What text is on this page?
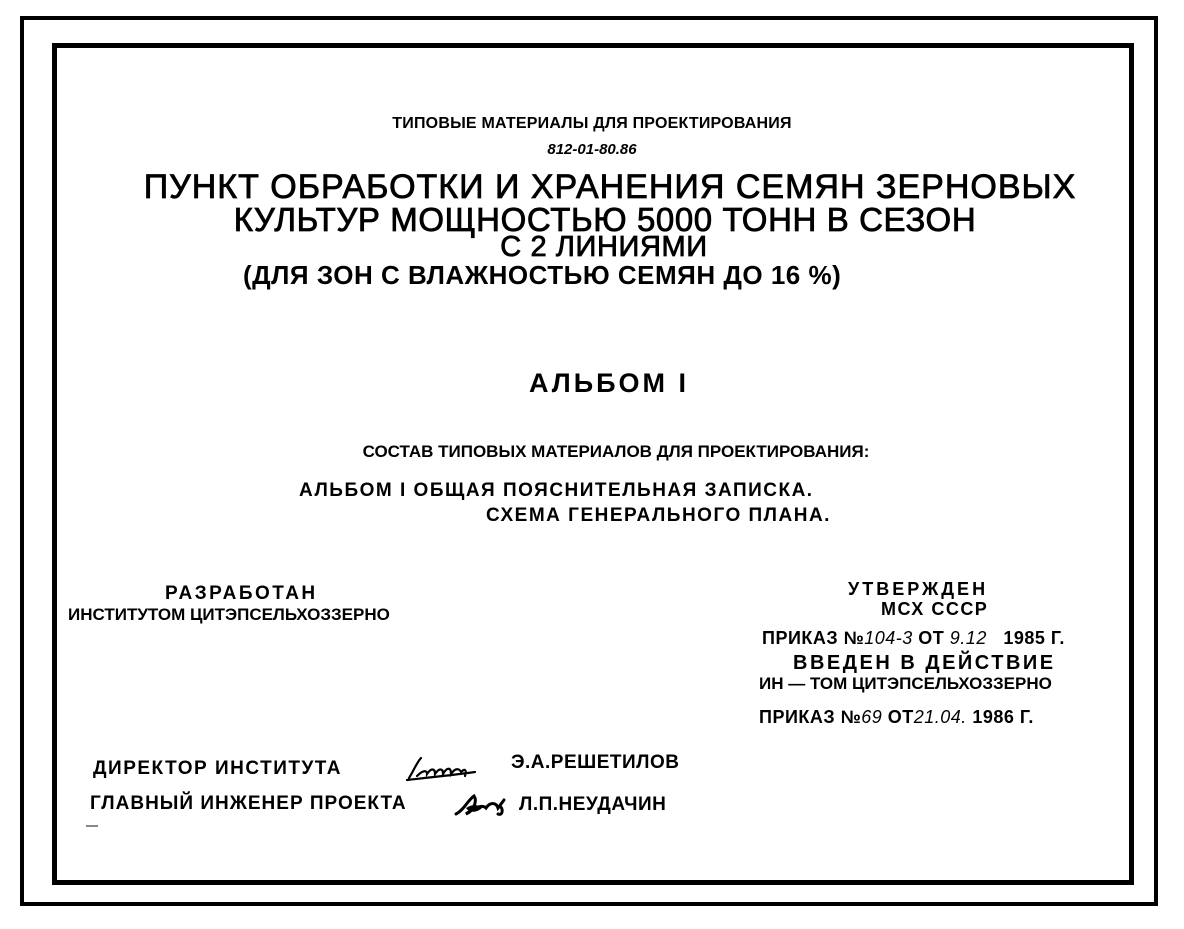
ТИПОВЫЕ МАТЕРИАЛЫ ДЛЯ ПРОЕКТИРОВАНИЯ
812-01-80.86
ПУНКТ ОБРАБОТКИ И ХРАНЕНИЯ СЕМЯН ЗЕРНОВЫХ
КУЛЬТУР МОЩНОСТЬЮ 5000 ТОНН В СЕЗОН
С 2 ЛИНИЯМИ
(ДЛЯ ЗОН С ВЛАЖНОСТЬЮ СЕМЯН ДО 16 %)
АЛЬБОМ I
СОСТАВ ТИПОВЫХ МАТЕРИАЛОВ ДЛЯ ПРОЕКТИРОВАНИЯ:
АЛЬБОМ I ОБЩАЯ ПОЯСНИТЕЛЬНАЯ ЗАПИСКА.
СХЕМА ГЕНЕРАЛЬНОГО ПЛАНА.
РАЗРАБОТАН
ИНСТИТУТОМ ЦИТЭПСЕЛЬХОЗЗЕРНО
УТВЕРЖДЕН
МСХ СССР
ПРИКАЗ №104-3 ОТ 9.12 1985 Г.
ВВЕДЕН В ДЕЙСТВИЕ
ИН — ТОМ ЦИТЭПСЕЛЬХОЗЗЕРНО
ПРИКАЗ №69 ОТ21.04. 1986 Г.
ДИРЕКТОР ИНСТИТУТА	Э.А.РЕШЕТИЛОВ
ГЛАВНЫЙ ИНЖЕНЕР ПРОЕКТА	Л.П.НЕУДАЧИН
